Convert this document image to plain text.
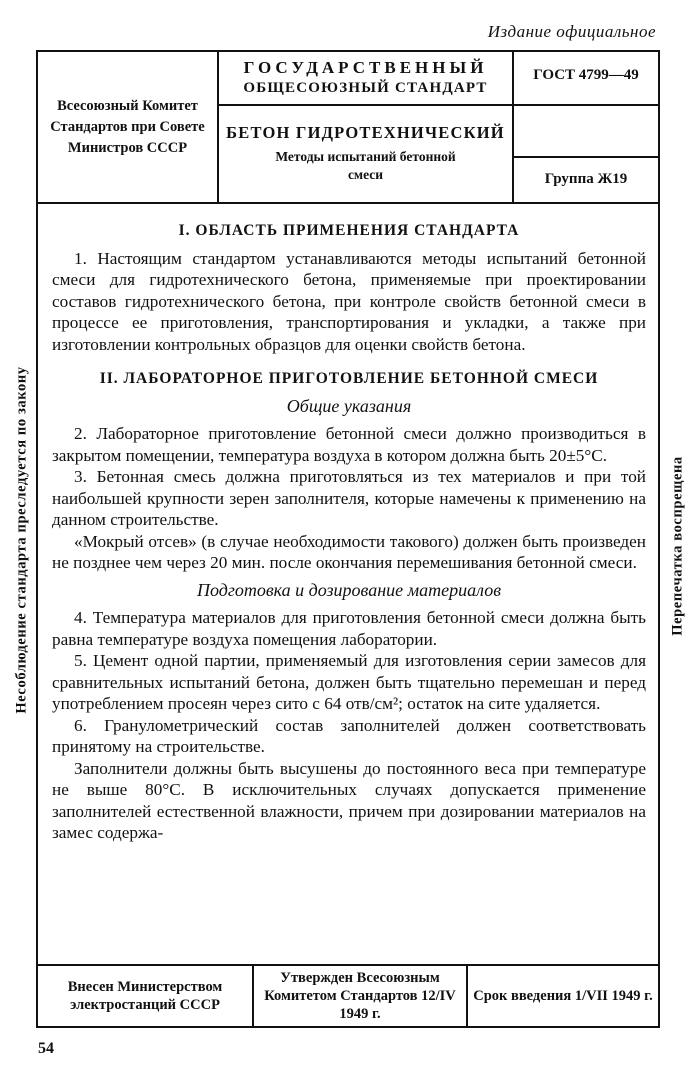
Издание официальное
Несоблюдение стандарта преследуется по закону	Перепечатка воспрещена
Всесоюзный Комитет Стандартов при Совете Министров СССР
ГОСУДАРСТВЕННЫЙ
ОБЩЕСОЮЗНЫЙ СТАНДАРТ
БЕТОН ГИДРОТЕХНИЧЕСКИЙ
Методы испытаний бетонной смеси
ГОСТ 4799—49
Группа Ж19
I. ОБЛАСТЬ ПРИМЕНЕНИЯ СТАНДАРТА

1. Настоящим стандартом устанавливаются методы испытаний бетонной смеси для гидротехнического бетона, применяемые при проектировании составов гидротехнического бетона, при контроле свойств бетонной смеси в процессе ее приготовления, транспортирования и укладки, а также при изготовлении контрольных образцов для оценки свойств бетона.

II. ЛАБОРАТОРНОЕ ПРИГОТОВЛЕНИЕ БЕТОННОЙ СМЕСИ
Общие указания

2. Лабораторное приготовление бетонной смеси должно производиться в закрытом помещении, температура воздуха в котором должна быть 20±5°С.

3. Бетонная смесь должна приготовляться из тех материалов и при той наибольшей крупности зерен заполнителя, которые намечены к применению на данном строительстве.

«Мокрый отсев» (в случае необходимости такового) должен быть произведен не позднее чем через 20 мин. после окончания перемешивания бетонной смеси.

Подготовка и дозирование материалов

4. Температура материалов для приготовления бетонной смеси должна быть равна температуре воздуха помещения лаборатории.

5. Цемент одной партии, применяемый для изготовления серии замесов для сравнительных испытаний бетона, должен быть тщательно перемешан и перед употреблением просеян через сито с 64 отв/см²; остаток на сите удаляется.

6. Гранулометрический состав заполнителей должен соответствовать принятому на строительстве.

Заполнители должны быть высушены до постоянного веса при температуре не выше 80°С. В исключительных случаях допускается применение заполнителей естественной влажности, причем при дозировании материалов на замес содержа-

Внесен Министерством электростанций СССР
Утвержден Всесоюзным Комитетом Стандартов 12/IV 1949 г.
Срок введения 1/VII 1949 г.
54
